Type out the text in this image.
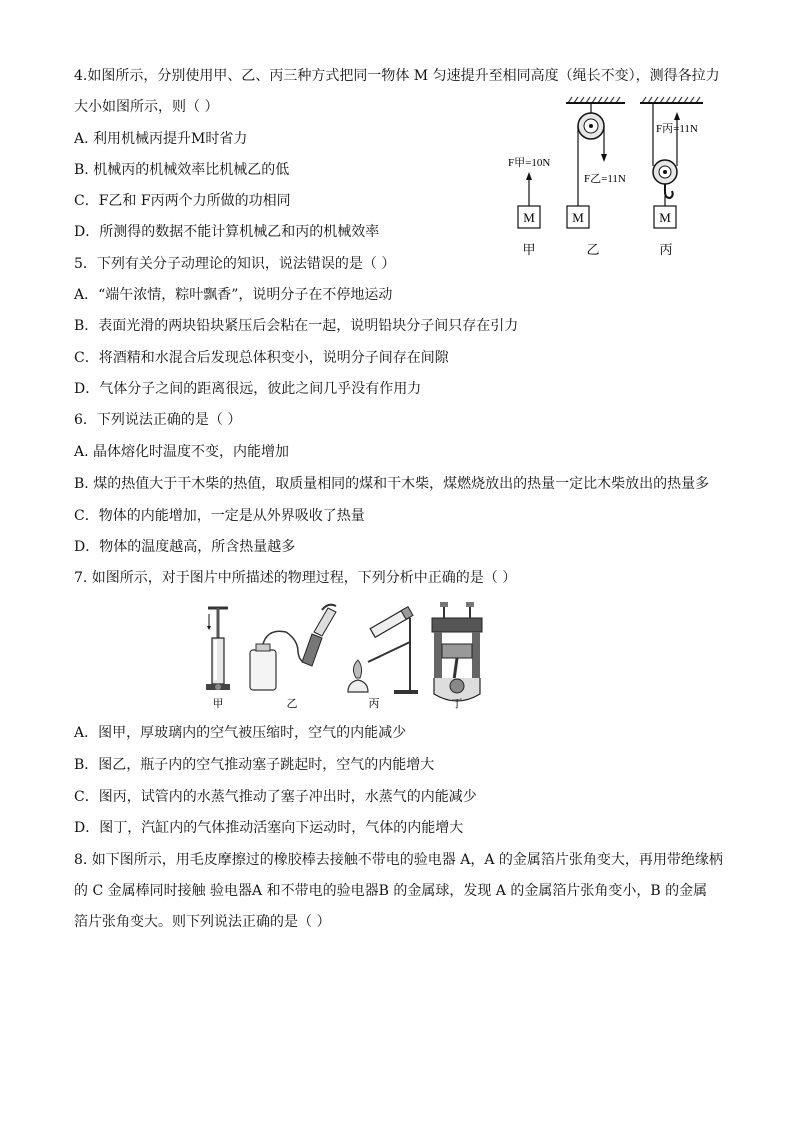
4.如图所示，分别使用甲、乙、丙三种方式把同一物体 M 匀速提升至相同高度（绳长不变），测得各拉力
大小如图所示，则（ ）
A. 利用机械丙提升M时省力
B. 机械丙的机械效率比机械乙的低
C．F乙和 F丙两个力所做的功相同
D．所测得的数据不能计算机械乙和丙的机械效率
F甲=10N
M
F乙=11N
M
F丙=11N
M
甲	乙	丙
5．下列有关分子动理论的知识，说法错误的是（ ）
A．“端午浓情，粽叶飘香”，说明分子在不停地运动
B．表面光滑的两块铅块紧压后会粘在一起，说明铅块分子间只存在引力
C．将酒精和水混合后发现总体积变小，说明分子间存在间隙
D．气体分子之间的距离很远，彼此之间几乎没有作用力
6．下列说法正确的是（ ）
A. 晶体熔化时温度不变，内能增加
B. 煤的热值大于干木柴的热值，取质量相同的煤和干木柴，煤燃烧放出的热量一定比木柴放出的热量多
C．物体的内能增加，一定是从外界吸收了热量
D．物体的温度越高，所含热量越多
7. 如图所示，对于图片中所描述的物理过程，下列分析中正确的是（ ）
甲	乙	丙	丁
A．图甲，厚玻璃内的空气被压缩时，空气的内能减少
B．图乙，瓶子内的空气推动塞子跳起时，空气的内能增大
C．图丙，试管内的水蒸气推动了塞子冲出时，水蒸气的内能减少
D．图丁，汽缸内的气体推动活塞向下运动时，气体的内能增大
8. 如下图所示，用毛皮摩擦过的橡胶棒去接触不带电的验电器 A，A 的金属箔片张角变大，再用带绝缘柄
的 C 金属棒同时接触 验电器A 和不带电的验电器B 的金属球，发现 A 的金属箔片张角变小，B 的金属
箔片张角变大。则下列说法正确的是（ ）
